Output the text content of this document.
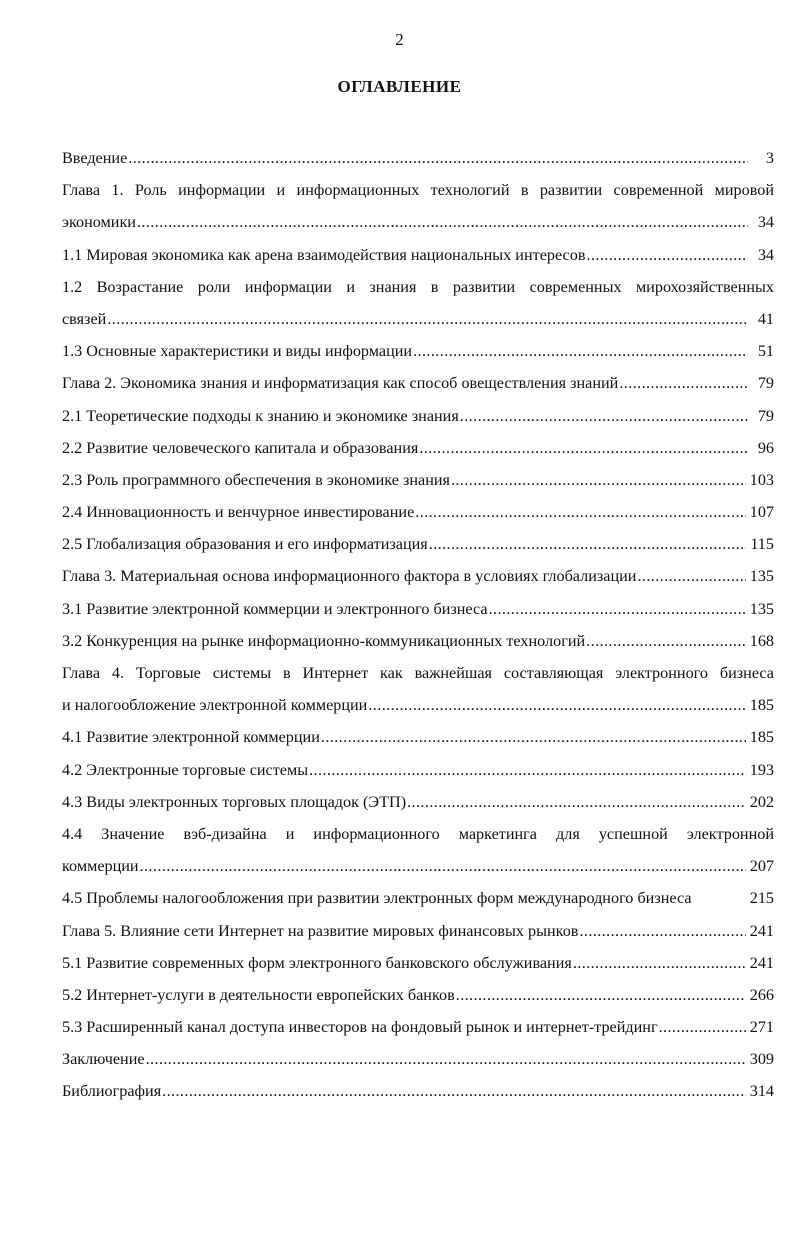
2
ОГЛАВЛЕНИЕ
Введение .....	3
Глава 1. Роль информации и информационных технологий в развитии современной мировой
экономики .....	34
1.1 Мировая экономика как арена взаимодействия национальных интересов .....	34
1.2 Возрастание роли информации и знания в развитии современных мирохозяйственных
связей .....	41
1.3 Основные характеристики и виды информации .....	51
Глава 2. Экономика знания и информатизация как способ овеществления знаний .....	79
2.1 Теоретические подходы к знанию и экономике знания .....	79
2.2 Развитие человеческого капитала и образования .....	96
2.3 Роль программного обеспечения в экономике знания .....	103
2.4 Инновационность и венчурное инвестирование .....	107
2.5 Глобализация образования и его информатизация .....	115
Глава 3. Материальная основа информационного фактора в условиях глобализации .....	135
3.1 Развитие электронной коммерции и электронного бизнеса .....	135
3.2 Конкуренция на рынке информационно-коммуникационных технологий .....	168
Глава 4. Торговые системы в Интернет как важнейшая составляющая электронного бизнеса
и налогообложение электронной коммерции .....	185
4.1 Развитие электронной коммерции .....	185
4.2 Электронные торговые системы .....	193
4.3 Виды электронных торговых площадок (ЭТП) .....	202
4.4 Значение вэб-дизайна и информационного маркетинга для успешной электронной
коммерции .....	207
4.5 Проблемы налогообложения при развитии электронных форм международного бизнеса	215
Глава 5. Влияние сети Интернет на развитие мировых финансовых рынков .....	241
5.1 Развитие современных форм электронного банковского обслуживания .....	241
5.2 Интернет-услуги в деятельности европейских банков .....	266
5.3 Расширенный канал доступа инвесторов на фондовый рынок и интернет-трейдинг .....	271
Заключение .....	309
Библиография .....	314
